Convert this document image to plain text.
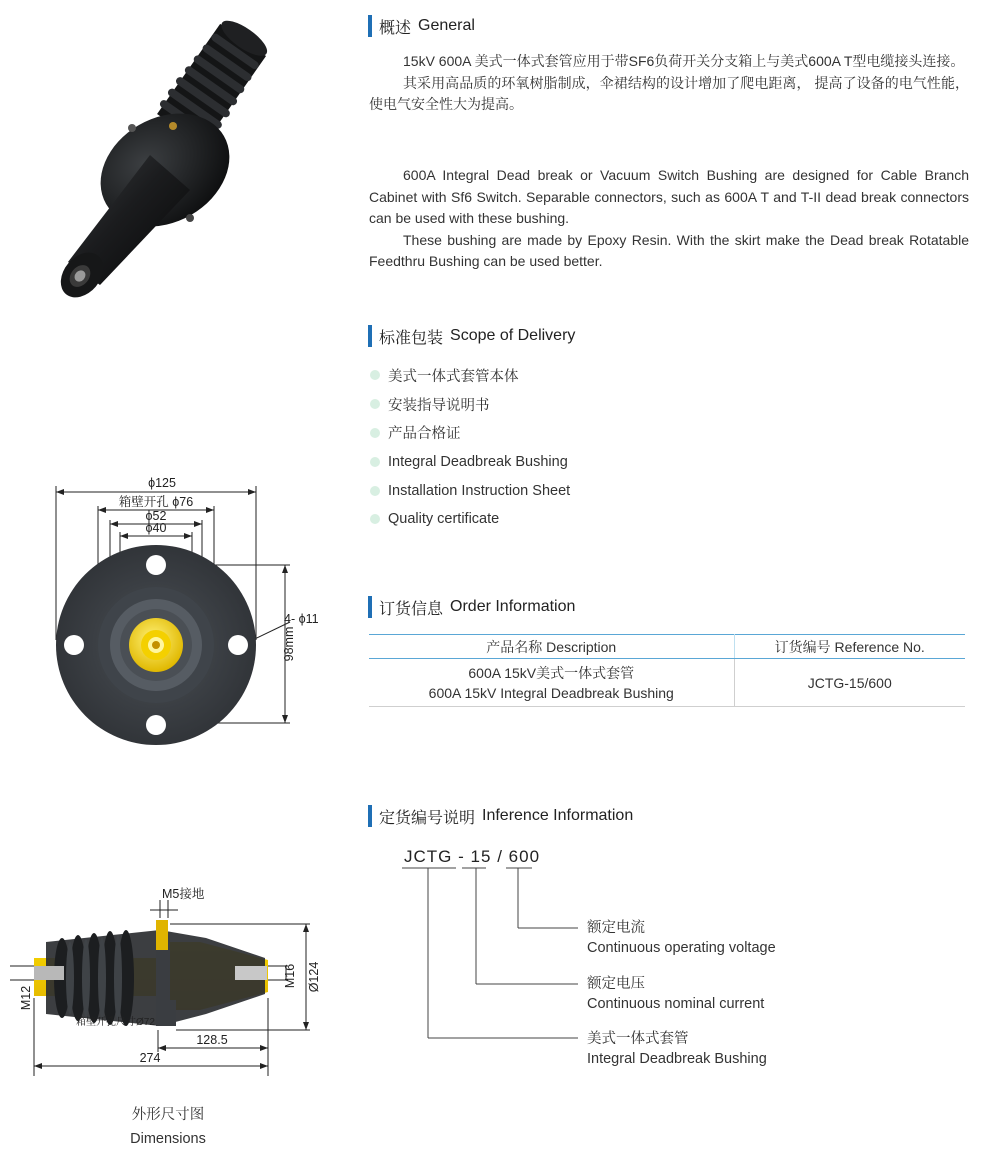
ϕ125
箱壁开孔 ϕ76
ϕ52
ϕ40
4- ϕ11
98mm
M5接地
M12
M16 Ø124
箱壁开孔尺寸Ø72
128.5
274
外形尺寸图
Dimensions
概述 General

15kV 600A 美式一体式套管应用于带SF6负荷开关分支箱上与美式600A T型电缆接头连接。

其采用高品质的环氧树脂制成，伞裙结构的设计增加了爬电距离， 提高了设备的电气性能，使电气安全性大为提高。

600A Integral Dead break or Vacuum Switch Bushing are designed for Cable Branch Cabinet with Sf6 Switch. Separable connectors, such as 600A T and T-II dead break connectors can be used with these bushing.

These bushing are made by Epoxy Resin. With the skirt make the Dead break Rotatable Feedthru Bushing can be used better.

标准包装 Scope of Delivery
美式一体式套管本体
安装指导说明书
产品合格证
Integral Deadbreak Bushing
Installation Instruction Sheet
Quality certificate
订货信息 Order Information
产品名称 Description	订货编号 Reference No.

600A 15kV美式一体式套管
600A 15kV Integral Deadbreak Bushing	JCTG-15/600
定货编号说明 Inference Information
JCTG - 15 / 600
额定电流
Continuous operating voltage
额定电压
Continuous nominal current
美式一体式套管
Integral Deadbreak Bushing
